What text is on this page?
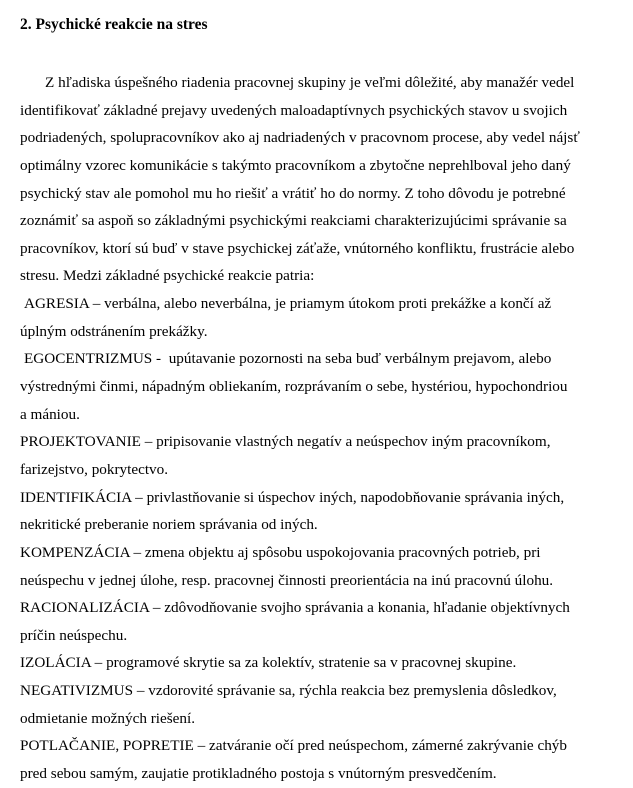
2. Psychické reakcie na stres
Z hľadiska úspešného riadenia pracovnej skupiny je veľmi dôležité, aby manažér vedel
identifikovať základné prejavy uvedených maloadaptívnych psychických stavov u svojich
podriadených, spolupracovníkov ako aj nadriadených v pracovnom procese, aby vedel nájsť
optimálny vzorec komunikácie s takýmto pracovníkom a zbytočne neprehlboval jeho daný
psychický stav ale pomohol mu ho riešiť a vrátiť ho do normy. Z toho dôvodu je potrebné
zoznámiť sa aspoň so základnými psychickými reakciami charakterizujúcimi správanie sa
pracovníkov, ktorí sú buď v stave psychickej záťaže, vnútorného konfliktu, frustrácie alebo
stresu. Medzi základné psychické reakcie patria:
AGRESIA – verbálna, alebo neverbálna, je priamym útokom proti prekážke a končí až
úplným odstránením prekážky.
EGOCENTRIZMUS -  upútavanie pozornosti na seba buď verbálnym prejavom, alebo
výstrednými činmi, nápadným obliekaním, rozprávaním o sebe, hystériou, hypochondriou
a mániou.
PROJEKTOVANIE – pripisovanie vlastných negatív a neúspechov iným pracovníkom,
farizejstvo, pokrytectvo.
IDENTIFIKÁCIA – privlastňovanie si úspechov iných, napodobňovanie správania iných,
nekritické preberanie noriem správania od iných.
KOMPENZÁCIA – zmena objektu aj spôsobu uspokojovania pracovných potrieb, pri
neúspechu v jednej úlohe, resp. pracovnej činnosti preorientácia na inú pracovnú úlohu.
RACIONALIZÁCIA – zdôvodňovanie svojho správania a konania, hľadanie objektívnych
príčin neúspechu.
IZOLÁCIA – programové skrytie sa za kolektív, stratenie sa v pracovnej skupine.
NEGATIVIZMUS – vzdorovité správanie sa, rýchla reakcia bez premyslenia dôsledkov,
odmietanie možných riešení.
POTLAČANIE, POPRETIE – zatváranie očí pred neúspechom, zámerné zakrývanie chýb
pred sebou samým, zaujatie protikladného postoja s vnútorným presvedčením.
